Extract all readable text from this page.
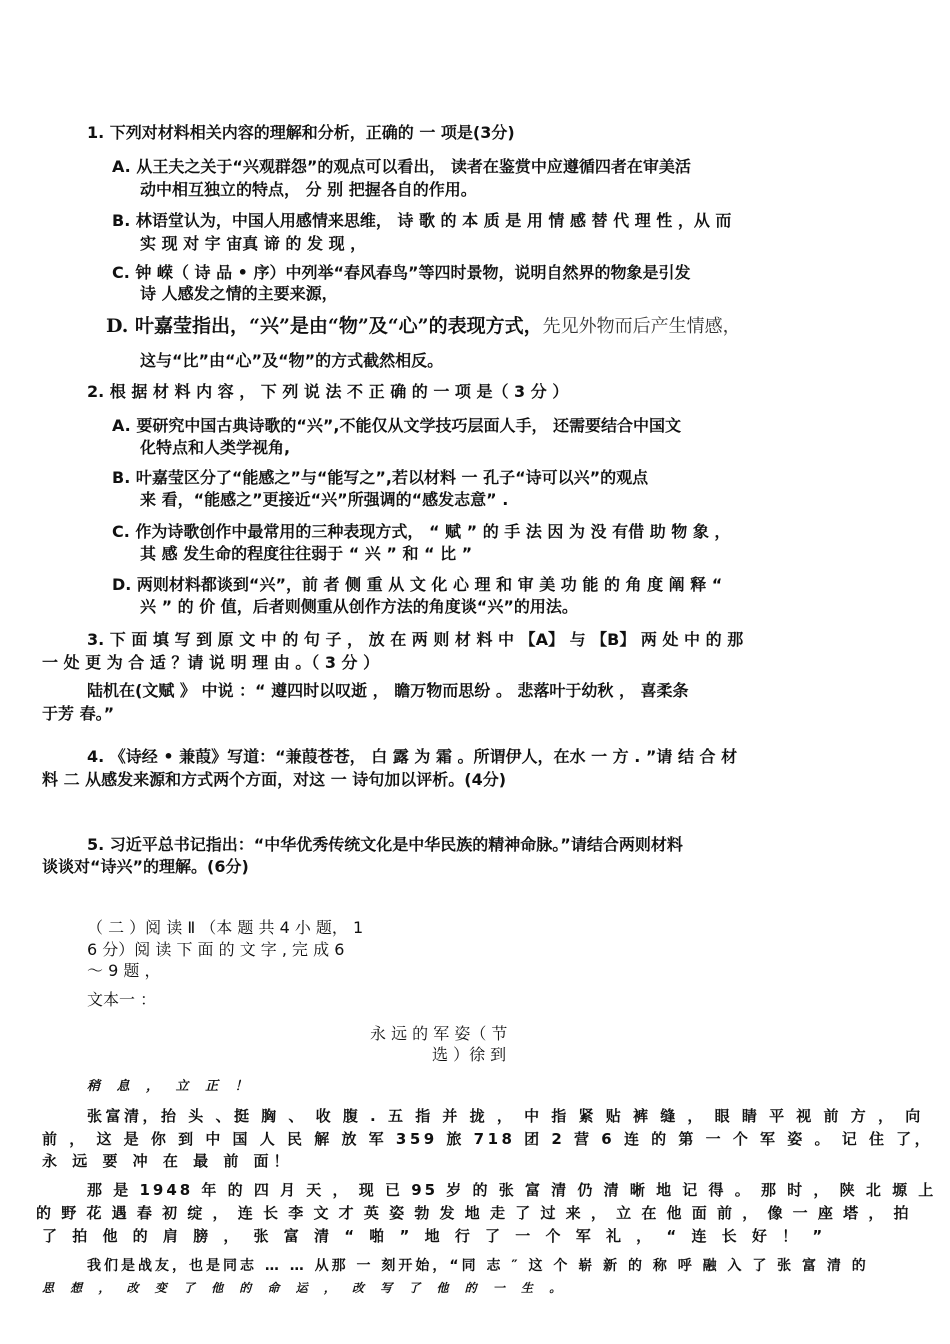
1. 下列对材料相关内容的理解和分析，正确的 一 项是(3分)
A. 从王夫之关于“兴观群怨”的观点可以看出， 读者在鉴赏中应遵循四者在审美活
动中相互独立的特点， 分 别 把握各自的作用。
B. 林语堂认为，中国人用感情来思维， 诗 歌 的 本 质 是 用 情 感 替 代 理 性 ，从 而
实 现 对 宇 宙真 谛 的 发 现 ，
C. 钟 嵘（ 诗 品 • 序）中列举“春风春鸟”等四时景物，说明自然界的物象是引发
诗 人感发之情的主要来源，
D. 叶嘉莹指出，“兴”是由“物”及“心”的表现方式，先见外物而后产生情感，
这与“比”由“心”及“物”的方式截然相反。
2. 根 据 材 料 内 容 ， 下 列 说 法 不 正 确 的 一 项 是（ 3 分 ）
A. 要研究中国古典诗歌的“兴”,不能仅从文学技巧层面人手， 还需要结合中国文
化特点和人类学视角,
B. 叶嘉莹区分了“能感之”与“能写之”,若以材料 一 孔子“诗可以兴”的观点
来 看，“能感之”更接近“兴”所强调的“感发志意” .
C. 作为诗歌创作中最常用的三种表现方式， “ 赋 ” 的 手 法 因 为 没 有借 助 物 象 ，
其 感 发生命的程度往往弱于 “ 兴 ” 和 “ 比 ”
D. 两则材料都谈到“兴”，前 者 侧 重 从 文 化 心 理 和 审 美 功 能 的 角 度 阐 释 “
兴 ” 的 价 值，后者则侧重从创作方法的角度谈“兴”的用法。
3. 下 面 填 写 到 原 文 中 的 句 子 ， 放 在 两 则 材 料 中 【A】 与 【B】 两 处 中 的 那
一 处 更 为 合 适 ？请 说 明 理 由 。（ 3 分 ）
陆机在(文赋 》 中说 ：“ 遵四时以叹逝 ， 瞻万物而思纷 。 悲落叶于幼秋 ， 喜柔条
于芳 春。”
4. 《诗经 • 兼葭》写道：“兼葭苍苍， 白 露 为 霜 。所谓伊人，在水 一 方 . ”请 结 合 材
料 二 从感发来源和方式两个方面，对这 一 诗句加以评析。(4分)
5. 习近平总书记指出：“中华优秀传统文化是中华民族的精神命脉。”请结合两则材料
谈谈对“诗兴”的理解。(6分)
（ 二 ）阅 读 Ⅱ （本 题 共 4 小 题， 1
6 分）阅 读 下 面 的 文 字 , 完 成 6
～ 9 题 ，
文本一 ：
永 远 的 军 姿（ 节
选 ）徐 到
稍 息 ， 立 正 ！
张富清，抬 头 、挺 胸 、 收 腹 . 五 指 并 拢 ， 中 指 紧 贴 裤 缝 ， 眼 睛 平 视 前 方 ， 向
前 ， 这 是 你 到 中 国 人 民 解 放 军 359 旅 718 团 2 营 6 连 的 第 一 个 军 姿 。 记 住 了，
永 远 要 冲 在 最 前 面！
那 是 1948 年 的 四 月 天 ， 现 已 95 岁 的 张 富 清 仍 清 晰 地 记 得 。 那 时 ， 陕 北 塬 上
的 野 花 遇 春 初 绽 ， 连 长 李 文 才 英 姿 勃 发 地 走 了 过 来 ， 立 在 他 面 前 ， 像 一 座 塔 ， 拍
了 拍 他 的 肩 膀 ， 张 富 清 “ 啪 ” 地 行 了 一 个 军 礼 ， “ 连 长 好 ！ ”
我们是战友，也是同志 … … 从那 一 刻开始，“同 志 ″ 这 个 崭 新 的 称 呼 融 入 了 张 富 清 的
思 想 ， 改 变 了 他 的 命 运 ， 改 写 了 他 的 一 生 。
